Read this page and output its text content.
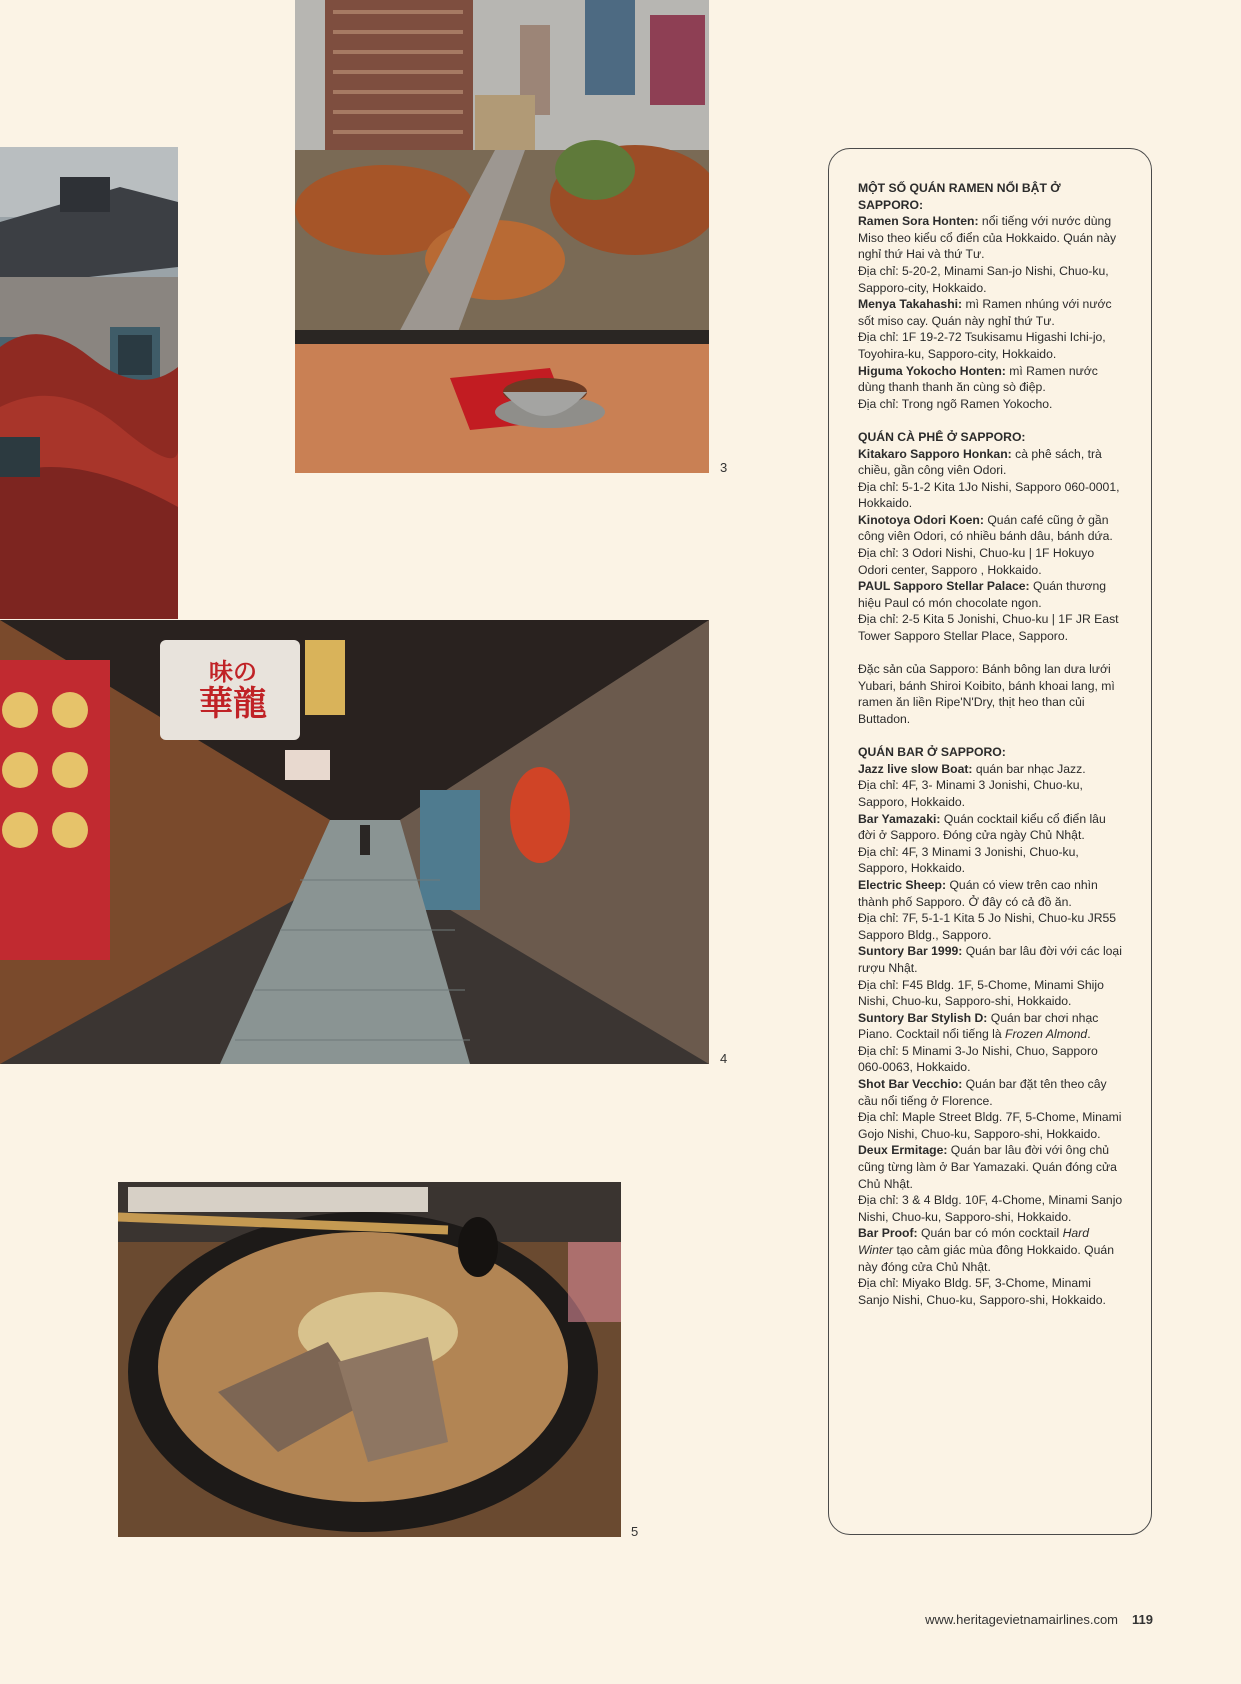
3
味の
華龍
4
5
MỘT SỐ QUÁN RAMEN NỔI BẬT Ở SAPPORO:
Ramen Sora Honten: nổi tiếng với nước dùng Miso theo kiểu cổ điển của Hokkaido. Quán này nghỉ thứ Hai và thứ Tư.
Địa chỉ: 5-20-2, Minami San-jo Nishi, Chuo-ku, Sapporo-city, Hokkaido.
Menya Takahashi: mì Ramen nhúng với nước sốt miso cay. Quán này nghỉ thứ Tư.
Địa chỉ: 1F 19-2-72 Tsukisamu Higashi Ichi-jo, Toyohira-ku, Sapporo-city, Hokkaido.
Higuma Yokocho Honten: mì Ramen nước dùng thanh thanh ăn cùng sò điệp.
Địa chỉ: Trong ngõ Ramen Yokocho.
QUÁN CÀ PHÊ Ở SAPPORO:
Kitakaro Sapporo Honkan: cà phê sách, trà chiều, gần công viên Odori.
Địa chỉ: 5-1-2 Kita 1Jo Nishi, Sapporo 060-0001, Hokkaido.
Kinotoya Odori Koen: Quán café cũng ở gần công viên Odori, có nhiều bánh dâu, bánh dứa.
Địa chỉ: 3 Odori Nishi, Chuo-ku | 1F Hokuyo Odori center, Sapporo , Hokkaido.
PAUL Sapporo Stellar Palace: Quán thương hiệu Paul có món chocolate ngon.
Địa chỉ: 2-5 Kita 5 Jonishi, Chuo-ku | 1F JR East Tower Sapporo Stellar Place, Sapporo.
Đặc sản của Sapporo: Bánh bông lan dưa lưới Yubari, bánh Shiroi Koibito, bánh khoai lang, mì ramen ăn liền Ripe'N'Dry, thịt heo than củi Buttadon.
QUÁN BAR Ở SAPPORO:
Jazz live slow Boat: quán bar nhạc Jazz.
Địa chỉ: 4F, 3- Minami 3 Jonishi, Chuo-ku, Sapporo, Hokkaido.
Bar Yamazaki: Quán cocktail kiểu cổ điển lâu đời ở Sapporo. Đóng cửa ngày Chủ Nhật.
Địa chỉ: 4F, 3 Minami 3 Jonishi, Chuo-ku, Sapporo, Hokkaido.
Electric Sheep: Quán có view trên cao nhìn thành phố Sapporo. Ở đây có cả đồ ăn.
Địa chỉ: 7F, 5-1-1 Kita 5 Jo Nishi, Chuo-ku JR55 Sapporo Bldg., Sapporo.
Suntory Bar 1999: Quán bar lâu đời với các loại rượu Nhật.
Địa chỉ: F45 Bldg. 1F, 5-Chome, Minami Shijo Nishi, Chuo-ku, Sapporo-shi, Hokkaido.
Suntory Bar Stylish D: Quán bar chơi nhạc Piano. Cocktail nổi tiếng là Frozen Almond.
Địa chỉ: 5 Minami 3-Jo Nishi, Chuo, Sapporo 060-0063, Hokkaido.
Shot Bar Vecchio: Quán bar đặt tên theo cây cầu nổi tiếng ở Florence.
Địa chỉ: Maple Street Bldg. 7F, 5-Chome, Minami Gojo Nishi, Chuo-ku, Sapporo-shi, Hokkaido.
Deux Ermitage: Quán bar lâu đời với ông chủ cũng từng làm ở Bar Yamazaki. Quán đóng cửa Chủ Nhật.
Địa chỉ: 3 & 4 Bldg. 10F, 4-Chome, Minami Sanjo Nishi, Chuo-ku, Sapporo-shi, Hokkaido.
Bar Proof: Quán bar có món cocktail Hard Winter tạo cảm giác mùa đông Hokkaido. Quán này đóng cửa Chủ Nhật.
Địa chỉ: Miyako Bldg. 5F, 3-Chome, Minami Sanjo Nishi, Chuo-ku, Sapporo-shi, Hokkaido.
www.heritagevietnamairlines.com 119
